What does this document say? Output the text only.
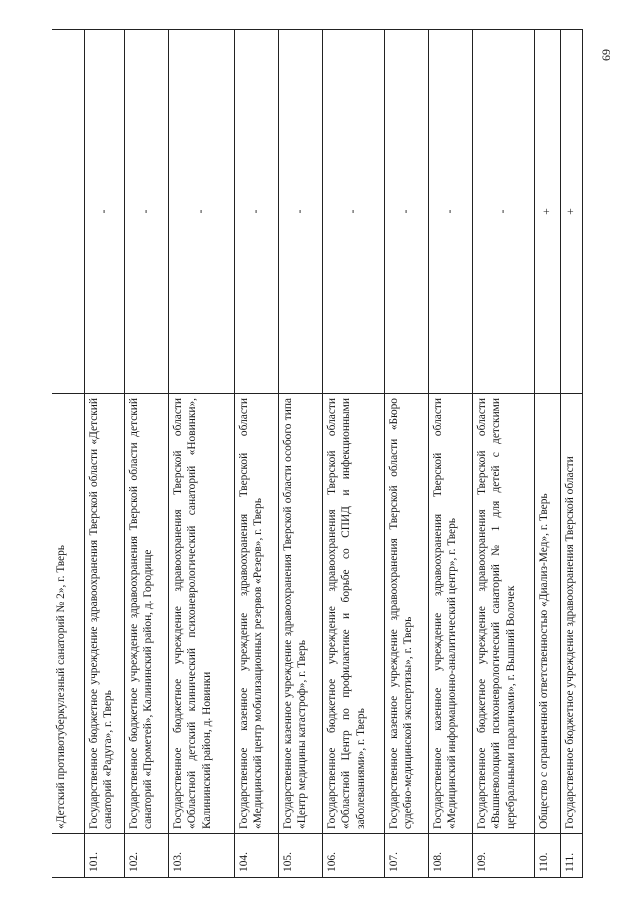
69
	«Детский противотуберкулезный санаторий № 2», г. Тверь	
101.	Государственное бюджетное учреждение здравоохранения Тверской области «Детский санаторий «Радуга», г. Тверь	-
102.	Государственное бюджетное учреждение здравоохранения Тверской области детский санаторий «Прометей», Калининский район, д. Городище	-
103.	Государственное бюджетное учреждение здравоохранения Тверской области «Областной детский клинический психоневрологический санаторий «Новинки», Калининский район, д. Новинки	-
104.	Государственное казенное учреждение здравоохранения Тверской области «Медицинский центр мобилизационных резервов «Резерв», г. Тверь	-
105.	Государственное казенное учреждение здравоохранения Тверской области особого типа «Центр медицины катастроф», г. Тверь	-
106.	Государственное бюджетное учреждение здравоохранения Тверской области «Областной Центр по профилактике и борьбе со СПИД и инфекционными заболеваниями», г. Тверь	-
107.	Государственное казенное учреждение здравоохранения Тверской области «Бюро судебно-медицинской экспертизы», г. Тверь	-
108.	Государственное казенное учреждение здравоохранения Тверской области «Медицинский информационно-аналитический центр», г. Тверь	-
109.	Государственное бюджетное учреждение здравоохранения Тверской области «Вышневолоцкий психоневрологический санаторий № 1 для детей с детскими церебральными параличами», г. Вышний Волочек	-
110.	Общество с ограниченной ответственностью «Диализ-Мед», г. Тверь	+
111.	Государственное бюджетное учреждение здравоохранения Тверской области	+
